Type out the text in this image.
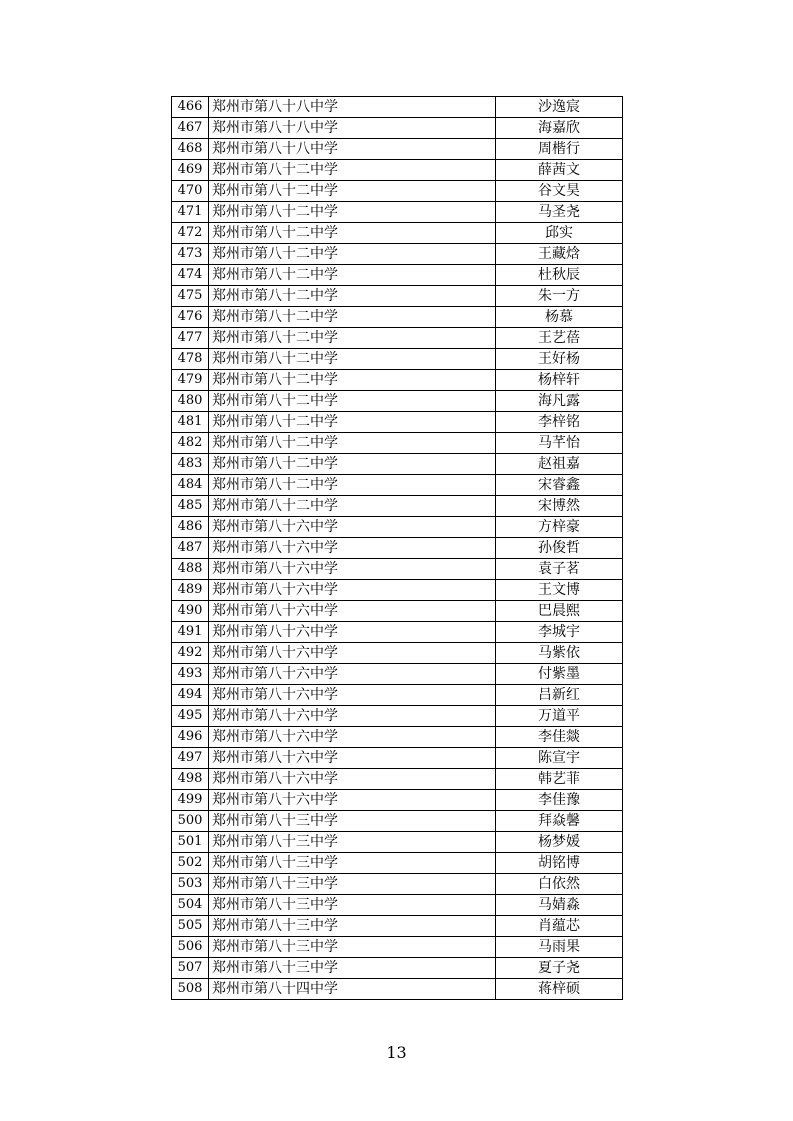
466	郑州市第八十八中学	沙逸宸
467	郑州市第八十八中学	海嘉欣
468	郑州市第八十八中学	周楷行
469	郑州市第八十二中学	薛茜文
470	郑州市第八十二中学	谷文昊
471	郑州市第八十二中学	马圣尧
472	郑州市第八十二中学	邱实
473	郑州市第八十二中学	王藏焓
474	郑州市第八十二中学	杜秋辰
475	郑州市第八十二中学	朱一方
476	郑州市第八十二中学	杨慕
477	郑州市第八十二中学	王艺蓓
478	郑州市第八十二中学	王好杨
479	郑州市第八十二中学	杨梓轩
480	郑州市第八十二中学	海凡露
481	郑州市第八十二中学	李梓铭
482	郑州市第八十二中学	马芊怡
483	郑州市第八十二中学	赵祖嘉
484	郑州市第八十二中学	宋睿鑫
485	郑州市第八十二中学	宋博然
486	郑州市第八十六中学	方梓豪
487	郑州市第八十六中学	孙俊哲
488	郑州市第八十六中学	袁子茗
489	郑州市第八十六中学	王文博
490	郑州市第八十六中学	巴晨熙
491	郑州市第八十六中学	李城宇
492	郑州市第八十六中学	马紫依
493	郑州市第八十六中学	付紫墨
494	郑州市第八十六中学	吕新红
495	郑州市第八十六中学	万道平
496	郑州市第八十六中学	李佳燚
497	郑州市第八十六中学	陈宣宇
498	郑州市第八十六中学	韩艺菲
499	郑州市第八十六中学	李佳豫
500	郑州市第八十三中学	拜焱馨
501	郑州市第八十三中学	杨梦媛
502	郑州市第八十三中学	胡铭博
503	郑州市第八十三中学	白依然
504	郑州市第八十三中学	马婧淼
505	郑州市第八十三中学	肖蕴芯
506	郑州市第八十三中学	马雨果
507	郑州市第八十三中学	夏子尧
508	郑州市第八十四中学	蒋梓硕
13
